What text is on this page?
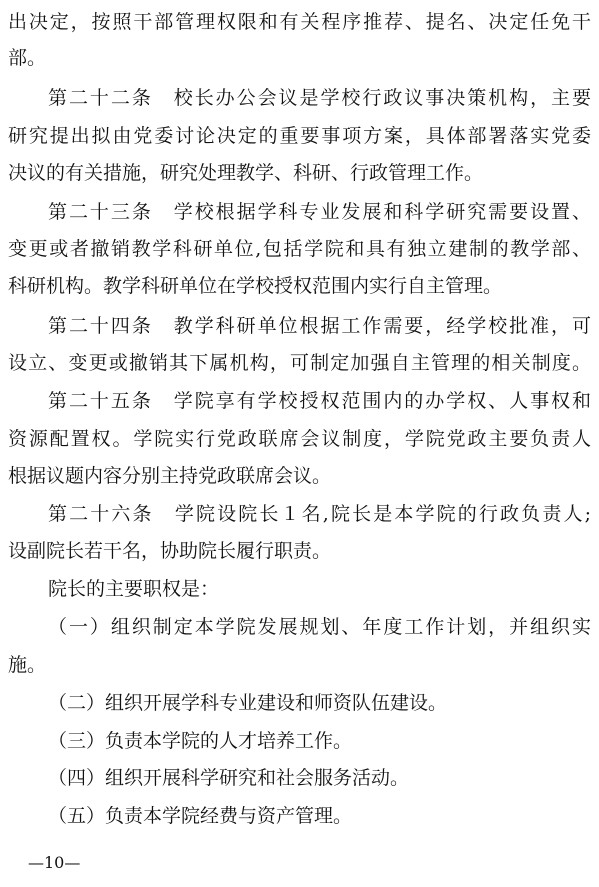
出决定，按照干部管理权限和有关程序推荐、提名、决定任免干
部。
第二十二条　校长办公会议是学校行政议事决策机构，主要
研究提出拟由党委讨论决定的重要事项方案，具体部署落实党委
决议的有关措施，研究处理教学、科研、行政管理工作。
第二十三条　学校根据学科专业发展和科学研究需要设置、
变更或者撤销教学科研单位,包括学院和具有独立建制的教学部、
科研机构。教学科研单位在学校授权范围内实行自主管理。
第二十四条　教学科研单位根据工作需要，经学校批准，可
设立、变更或撤销其下属机构，可制定加强自主管理的相关制度。
第二十五条　学院享有学校授权范围内的办学权、人事权和
资源配置权。学院实行党政联席会议制度，学院党政主要负责人
根据议题内容分别主持党政联席会议。
第二十六条　学院设院长１名,院长是本学院的行政负责人;
设副院长若干名，协助院长履行职责。
院长的主要职权是：
（一）组织制定本学院发展规划、年度工作计划，并组织实
施。
（二）组织开展学科专业建设和师资队伍建设。
（三）负责本学院的人才培养工作。
（四）组织开展科学研究和社会服务活动。
（五）负责本学院经费与资产管理。
—10—
